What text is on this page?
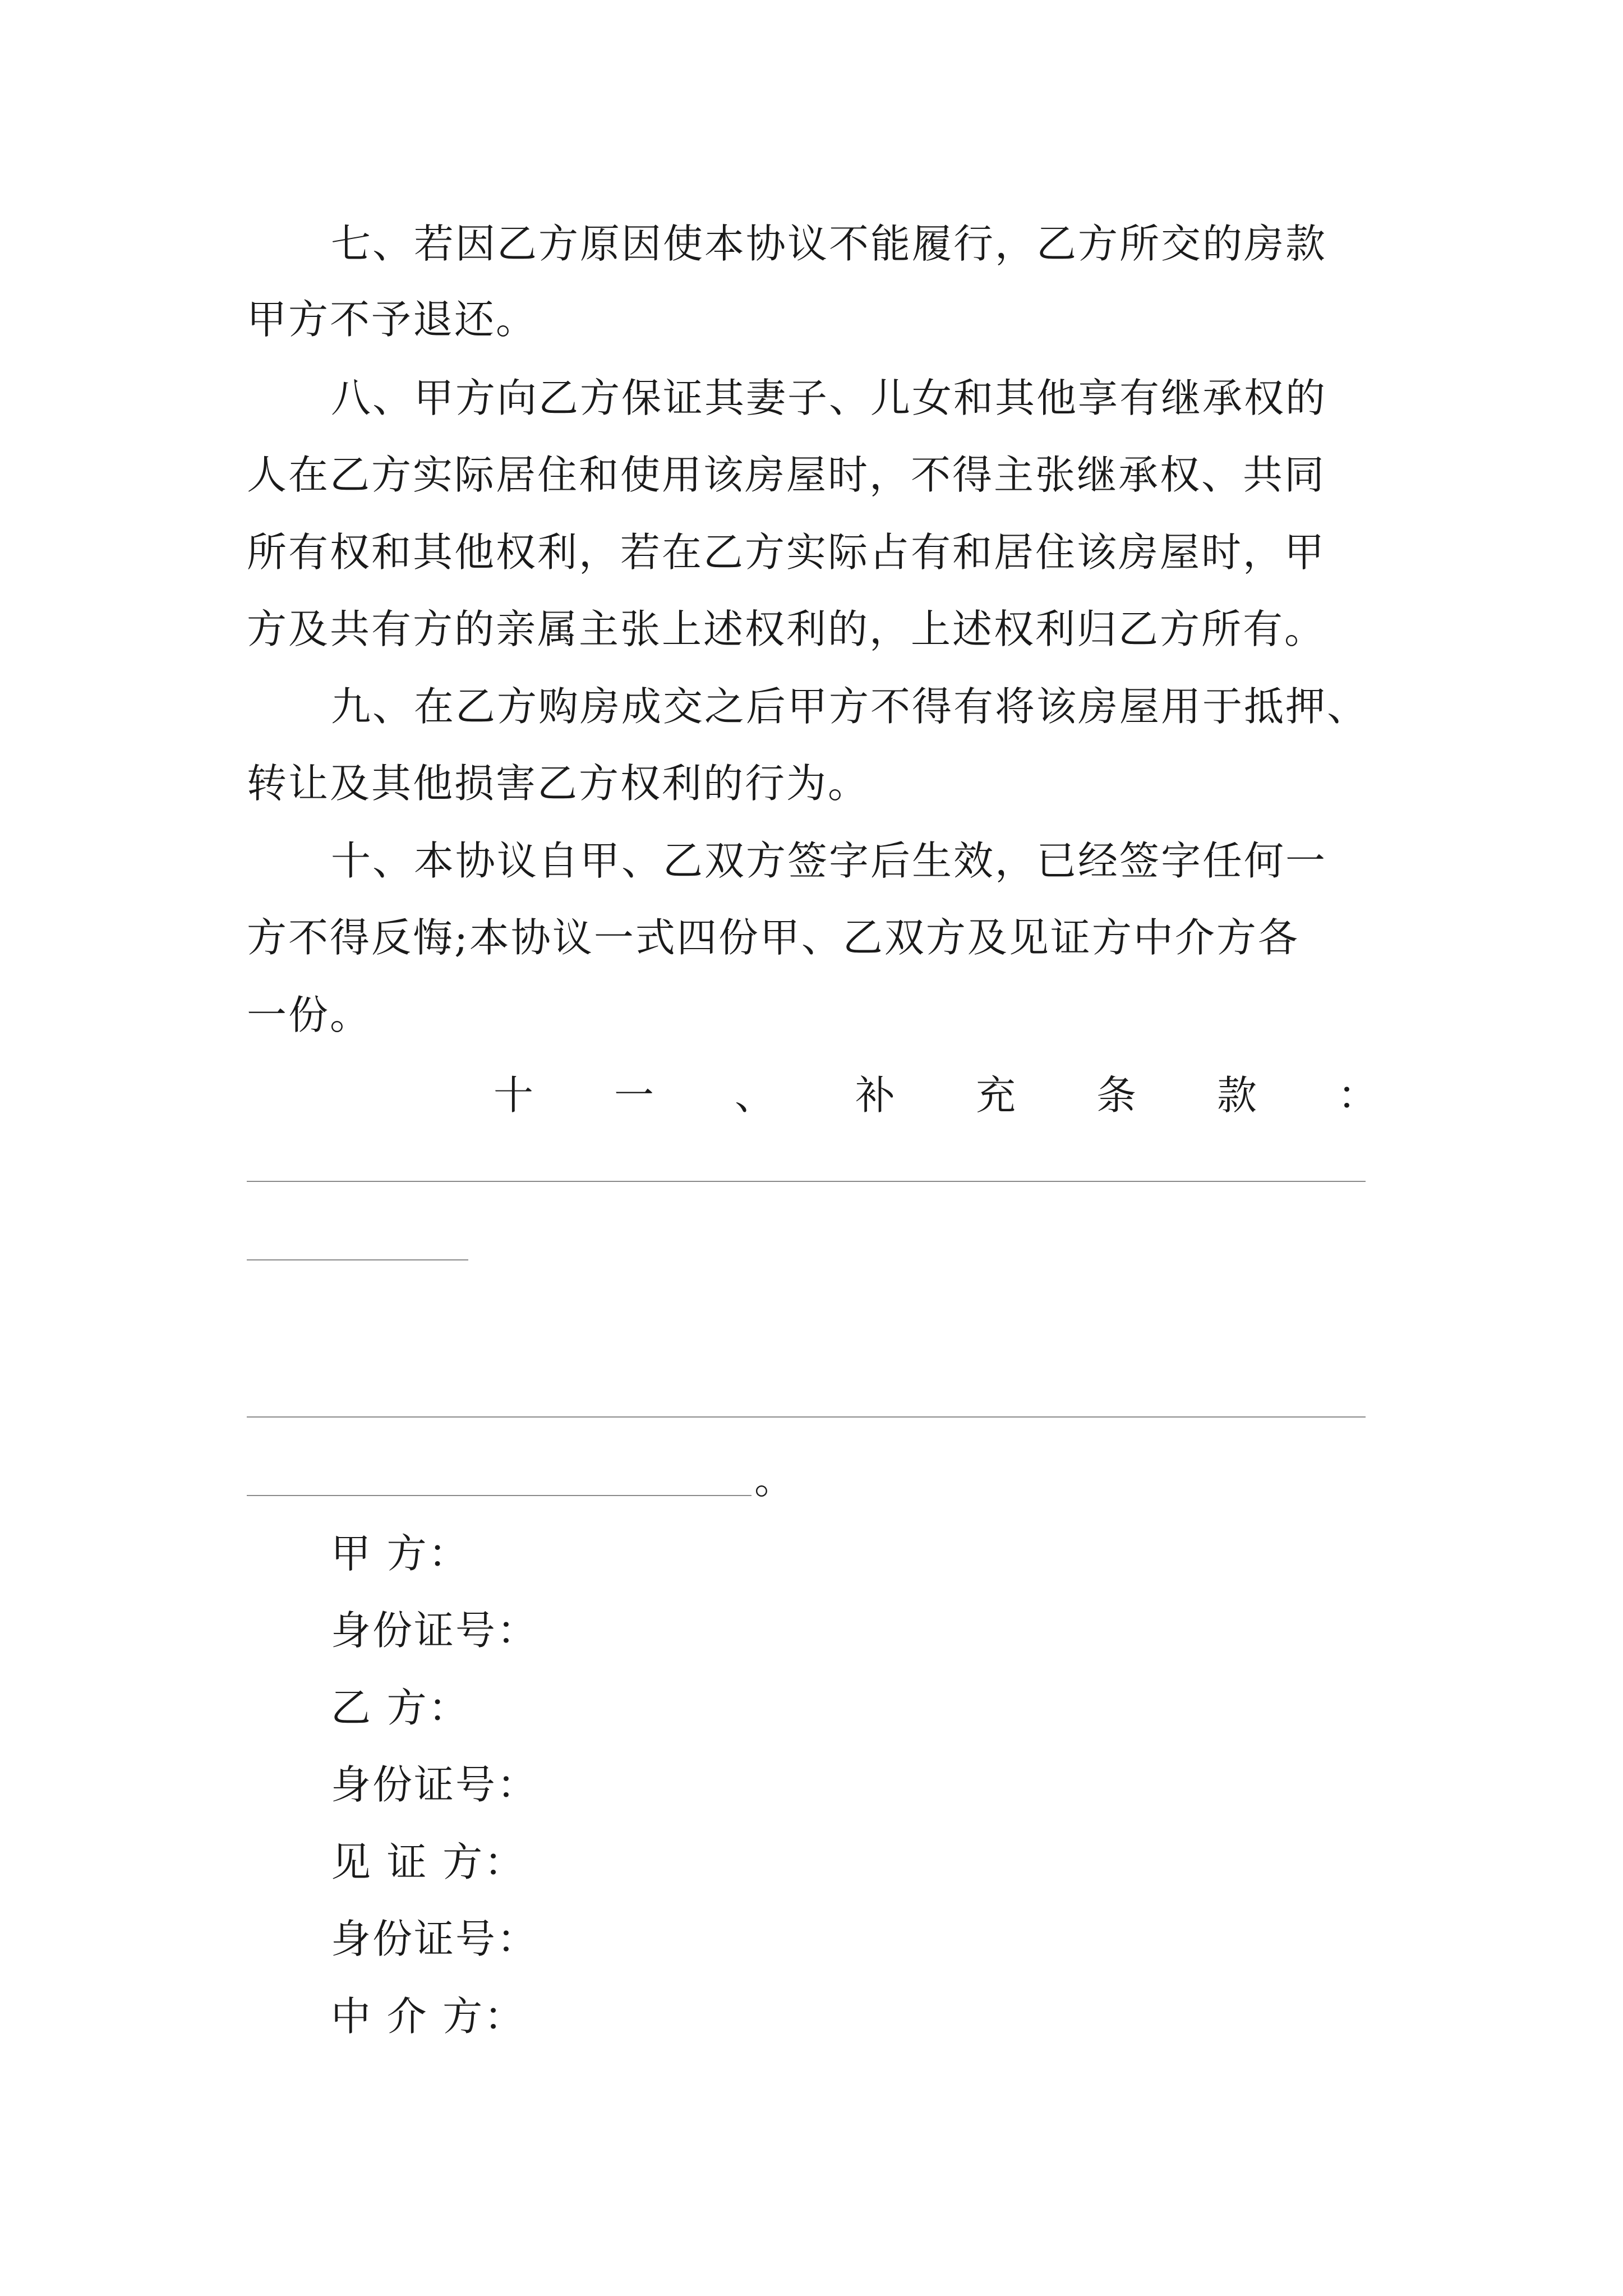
七、若因乙方原因使本协议不能履行，乙方所交的房款
甲方不予退还。
八、甲方向乙方保证其妻子、儿女和其他享有继承权的
人在乙方实际居住和使用该房屋时，不得主张继承权、共同
所有权和其他权利，若在乙方实际占有和居住该房屋时，甲
方及共有方的亲属主张上述权利的，上述权利归乙方所有。
九、在乙方购房成交之后甲方不得有将该房屋用于抵押、
转让及其他损害乙方权利的行为。
十、本协议自甲、乙双方签字后生效，已经签字任何一
方不得反悔;本协议一式四份甲、乙双方及见证方中介方各
一份。
十 一 、 补 充 条 款 ：
。
甲 方：
身份证号：
乙 方：
身份证号：
见 证 方：
身份证号：
中 介 方：
